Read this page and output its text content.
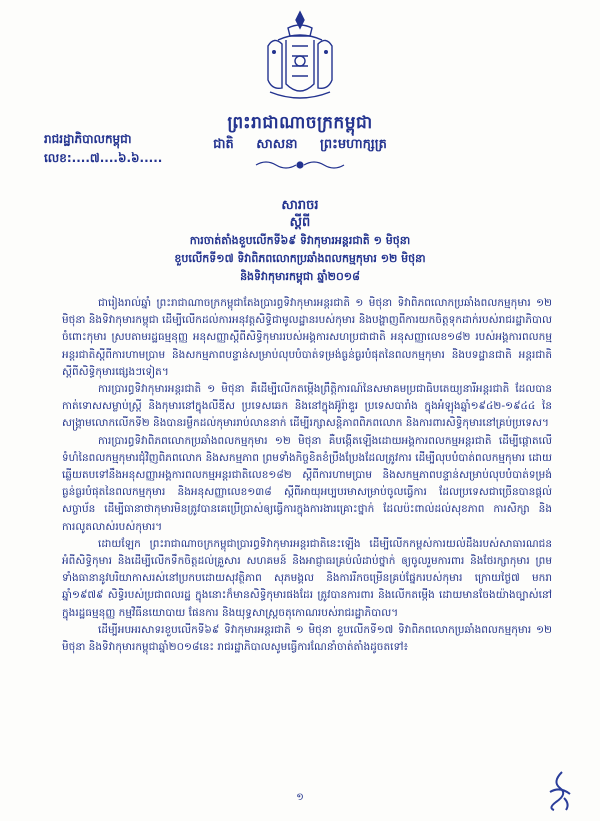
ព្រះរាជាណាចក្រកម្ពុជា
ជាតិ សាសនា ព្រះមហាក្សត្រ
រាជរដ្ឋាភិបាលកម្ពុជា
លេខ:....៧....៦.៦.....
សារាចរ
ស្តីពី
ការចាត់តាំងខួបលើកទី៦៩ ទិវាកុមារអន្តរជាតិ ១ មិថុនា
ខួបលើកទី១៧ ទិវាពិភពលោកប្រឆាំងពលកម្មកុមារ ១២ មិថុនា
និងទិវាកុមារកម្ពុជា ឆ្នាំ២០១៨

ជារៀងរាល់ឆ្នាំ ព្រះរាជាណាចក្រកម្ពុជាតែងប្រារព្ធទិវាកុមារអន្តរជាតិ ១ មិថុនា ទិវាពិភពលោកប្រឆាំងពលកម្មកុមារ ១២ មិថុនា និងទិវាកុមារកម្ពុជា ដើម្បីលើកដល់ការអនុវត្តសិទ្ធិជាមូលដ្ឋានរបស់កុមារ និងបង្ហាញពីការយកចិត្តទុកដាក់របស់រាជរដ្ឋាភិបាលចំពោះកុមារ ស្របតាមរដ្ឋធម្មនុញ្ញ អនុសញ្ញាស្តីពីសិទ្ធិកុមាររបស់អង្គការសហប្រជាជាតិ អនុសញ្ញាលេខ១៨២ របស់អង្គការពលកម្មអន្តរជាតិស្តីពីការហាមប្រាម និងសកម្មភាពបន្ទាន់សម្រាប់លុបបំបាត់ទម្រង់ធ្ងន់ធ្ងរបំផុតនៃពលកម្មកុមារ និងបទដ្ឋានជាតិ អន្តរជាតិស្តីពីសិទ្ធិកុមារផ្សេងៗទៀត។

ការប្រារព្ធទិវាកុមារអន្តរជាតិ ១ មិថុនា គឺដើម្បីលើកតម្កើងព្រឹត្តិការណ៍នៃសមាគមប្រជាធិបតេយ្យនារីអន្តរជាតិ ដែលបានកាត់ទោសសម្លាប់ស្ត្រី និងកុមារនៅក្នុងលីឌីស ប្រទេសឆេក និងនៅក្នុងអ៊ូរ៉ាឌួរ ប្រទេសបារាំង ក្នុងអំឡុងឆ្នាំ១៩៤២-១៩៤៤ នៃសង្គ្រាមលោកលើកទី២ និងបានរម្លឹកដល់កុមាររាប់លាននាក់ ដើម្បីរក្សាសន្តិភាពពិភពលោក និងការពារសិទ្ធិកុមារនៅគ្រប់ប្រទេស។

ការប្រារព្ធទិវាពិភពលោកប្រឆាំងពលកម្មកុមារ ១២ មិថុនា គឺបង្កើតឡើងដោយអង្គការពលកម្មអន្តរជាតិ ដើម្បីផ្តោតលើទំហំនៃពលកម្មកុមារជុំវិញពិភពលោក និងសកម្មភាព ព្រមទាំងកិច្ចខិតខំប្រឹងប្រែងដែលត្រូវការ ដើម្បីលុបបំបាត់ពលកម្មកុមារ ដោយឆ្លើយតបទៅនឹងអនុសញ្ញាអង្គការពលកម្មអន្តរជាតិលេខ១៨២ ស្តីពីការហាមប្រាម និងសកម្មភាពបន្ទាន់សម្រាប់លុបបំបាត់ទម្រង់ធ្ងន់ធ្ងរបំផុតនៃពលកម្មកុមារ និងអនុសញ្ញាលេខ១៣៨ ស្តីពីអាយុអប្បបរមាសម្រាប់ចូលធ្វើការ ដែលប្រទេសជាច្រើនបានផ្តល់សច្ចាប័ន ដើម្បីធានាថាកុមារមិនត្រូវបានគេប្រើប្រាស់ឲ្យធ្វើការក្នុងការងារគ្រោះថ្នាក់ ដែលប៉ះពាល់ដល់សុខភាព ការសិក្សា និងការលូតលាស់របស់កុមារ។

ដោយឡែក ព្រះរាជាណាចក្រកម្ពុជាប្រារព្ធទិវាកុមារអន្តរជាតិនេះឡើង ដើម្បីលើកកម្ពស់ការយល់ដឹងរបស់សាធារណជនអំពីសិទ្ធិកុមារ និងដើម្បីលើកទឹកចិត្តដល់គ្រួសារ សហគមន៍ និងអាជ្ញាធរគ្រប់លំដាប់ថ្នាក់ ឲ្យចូលរួមការពារ និងថែរក្សាកុមារ ព្រមទាំងធានានូវបរិយាកាសរស់នៅប្រកបដោយសុវត្ថិភាព សុភមង្គល និងការរីកចម្រើនគ្រប់ផ្នែករបស់កុមារ ក្រោយថ្ងៃ៧ មករា ឆ្នាំ១៩៧៩ សិទ្ធិរបស់ប្រជាពលរដ្ឋ ក្នុងនោះក៏មានសិទ្ធិកុមារផងដែរ ត្រូវបានការពារ និងលើកតម្កើង ដោយមានចែងយ៉ាងច្បាស់នៅក្នុងរដ្ឋធម្មនុញ្ញ កម្មវិធីនយោបាយ ផែនការ និងយុទ្ធសាស្ត្រចតុកោណរបស់រាជរដ្ឋាភិបាល។

ដើម្បីអបអរសាទរខួបលើកទី៦៩ ទិវាកុមារអន្តរជាតិ ១ មិថុនា ខួបលើកទី១៧ ទិវាពិភពលោកប្រឆាំងពលកម្មកុមារ ១២ មិថុនា និងទិវាកុមារកម្ពុជាឆ្នាំ២០១៨នេះ រាជរដ្ឋាភិបាលសូមធ្វើការណែនាំចាត់តាំងដូចតទៅ៖

១
